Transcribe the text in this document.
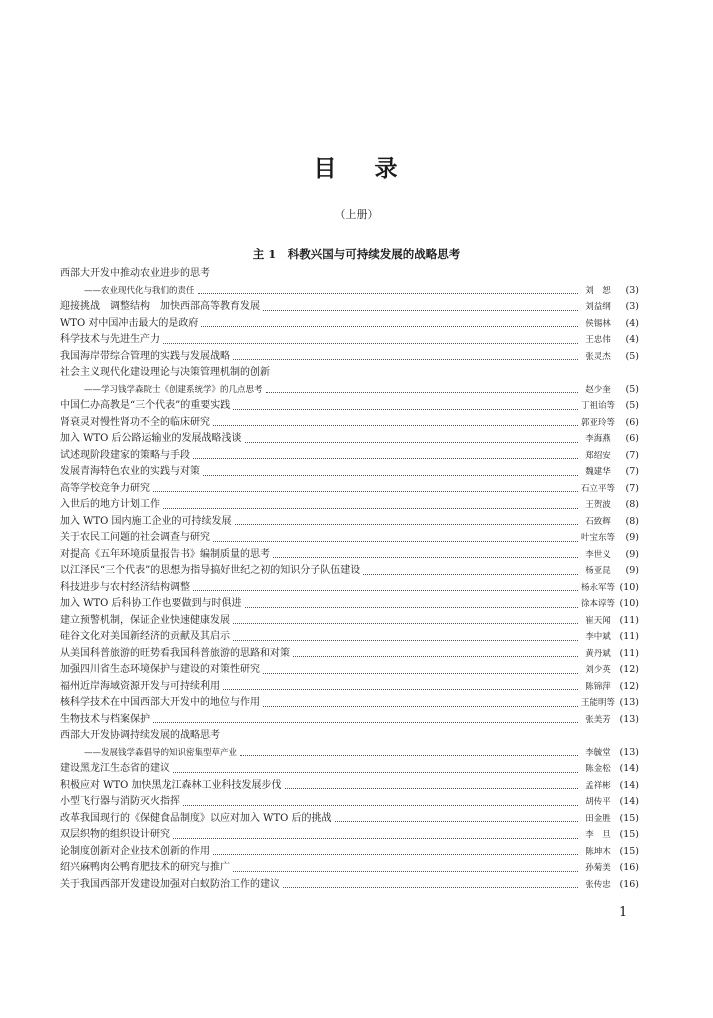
目 录
（上册）
主 1　科教兴国与可持续发展的战略思考
西部大开发中推动农业进步的思考
——农业现代化与我们的责任	刘　恕	(3)
迎接挑战　调整结构　加快西部高等教育发展	刘益纲	(3)
WTO 对中国冲击最大的是政府	侯锡林	(4)
科学技术与先进生产力	王忠伟	(4)
我国海岸带综合管理的实践与发展战略	张灵杰	(5)
社会主义现代化建设理论与决策管理机制的创新
——学习钱学森院士《创建系统学》的几点思考	赵少奎	(5)
中国仁办高教是“三个代表”的重要实践	丁祖诒等	(5)
肾衰灵对慢性肾功不全的临床研究	郭亚玲等	(6)
加入 WTO 后公路运输业的发展战略浅谈	李海燕	(6)
试述现阶段建家的策略与手段	郑绍安	(7)
发展青海特色农业的实践与对策	魏建华	(7)
高等学校竞争力研究	石立平等	(7)
入世后的地方计划工作	王贺波	(8)
加入 WTO 国内施工企业的可持续发展	石致辉	(8)
关于农民工问题的社会调查与研究	叶宝东等	(9)
对提高《五年环境质量报告书》编制质量的思考	李世义	(9)
以江泽民“三个代表”的思想为指导搞好世纪之初的知识分子队伍建设	杨亚昆	(9)
科技进步与农村经济结构调整	杨永军等 (10)
加入 WTO 后科协工作也要做到与时俱进	徐本谆等 (10)
建立预警机制，保证企业快速健康发展	崔天闻 (11)
硅谷文化对美国新经济的贡献及其启示	李中斌 (11)
从美国科普旅游的旺势看我国科普旅游的思路和对策	黄丹斌 (11)
加强四川省生态环境保护与建设的对策性研究	刘少英 (12)
福州近岸海域资源开发与可持续利用	陈锦萍 (12)
核科学技术在中国西部大开发中的地位与作用	王能明等 (13)
生物技术与档案保护	张美芳 (13)
西部大开发协调持续发展的战略思考
——发展钱学森倡导的知识密集型草产业	李毓堂 (13)
建设黑龙江生态省的建议	陈金松 (14)
积极应对 WTO 加快黑龙江森林工业科技发展步伐	孟祥彬 (14)
小型飞行器与消防灭火指挥	胡传平 (14)
改革我国现行的《保健食品制度》以应对加入 WTO 后的挑战	田金胜 (15)
双层织物的组织设计研究	李　旦 (15)
论制度创新对企业技术创新的作用	陈坤木 (15)
绍兴麻鸭肉公鸭育肥技术的研究与推广	孙菊美 (16)
关于我国西部开发建设加强对白蚁防治工作的建议	张传忠 (16)
1
